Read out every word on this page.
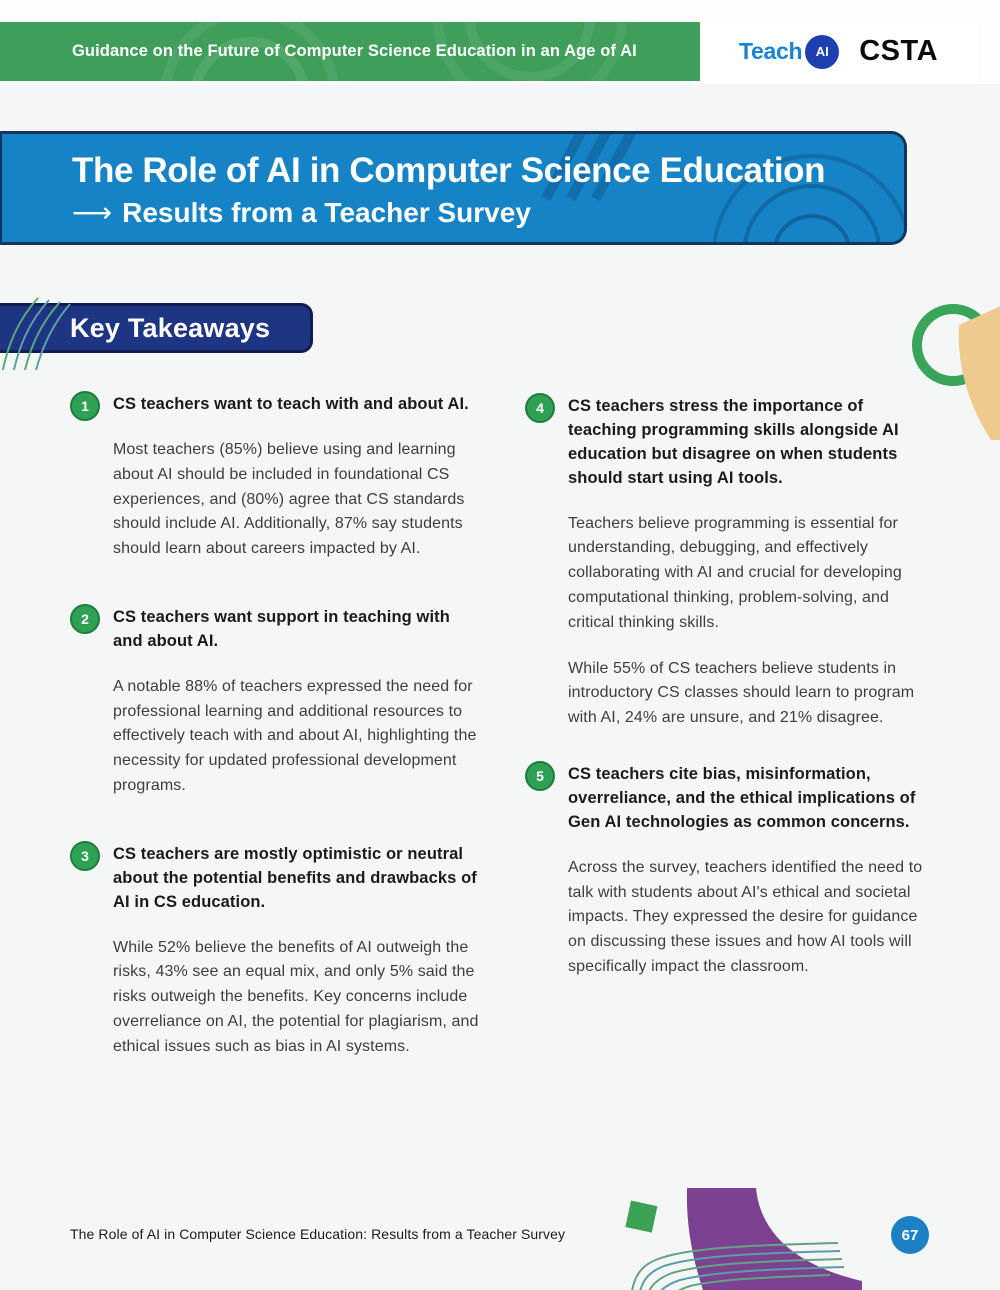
Guidance on the Future of Computer Science Education in an Age of AI	Teach	AI	CSTA
The Role of AI in Computer Science Education
⟶ Results from a Teacher Survey
Key Takeaways
1	CS teachers want to teach with and about AI.

Most teachers (85%) believe using and learning about AI should be included in foundational CS experiences, and (80%) agree that CS standards should include AI. Additionally, 87% say students should learn about careers impacted by AI.

2	CS teachers want support in teaching with and about AI.

A notable 88% of teachers expressed the need for professional learning and additional resources to effectively teach with and about AI, highlighting the necessity for updated professional development programs.

3	CS teachers are mostly optimistic or neutral about the potential benefits and drawbacks of AI in CS education.

While 52% believe the benefits of AI outweigh the risks, 43% see an equal mix, and only 5% said the risks outweigh the benefits. Key concerns include overreliance on AI, the potential for plagiarism, and ethical issues such as bias in AI systems.

4	CS teachers stress the importance of teaching programming skills alongside AI education but disagree on when students should start using AI tools.

Teachers believe programming is essential for understanding, debugging, and effectively collaborating with AI and crucial for developing computational thinking, problem-solving, and critical thinking skills.

While 55% of CS teachers believe students in introductory CS classes should learn to program with AI, 24% are unsure, and 21% disagree.

5	CS teachers cite bias, misinformation, overreliance, and the ethical implications of Gen AI technologies as common concerns.

Across the survey, teachers identified the need to talk with students about AI's ethical and societal impacts. They expressed the desire for guidance on discussing these issues and how AI tools will specifically impact the classroom.

The Role of AI in Computer Science Education: Results from a Teacher Survey	67
